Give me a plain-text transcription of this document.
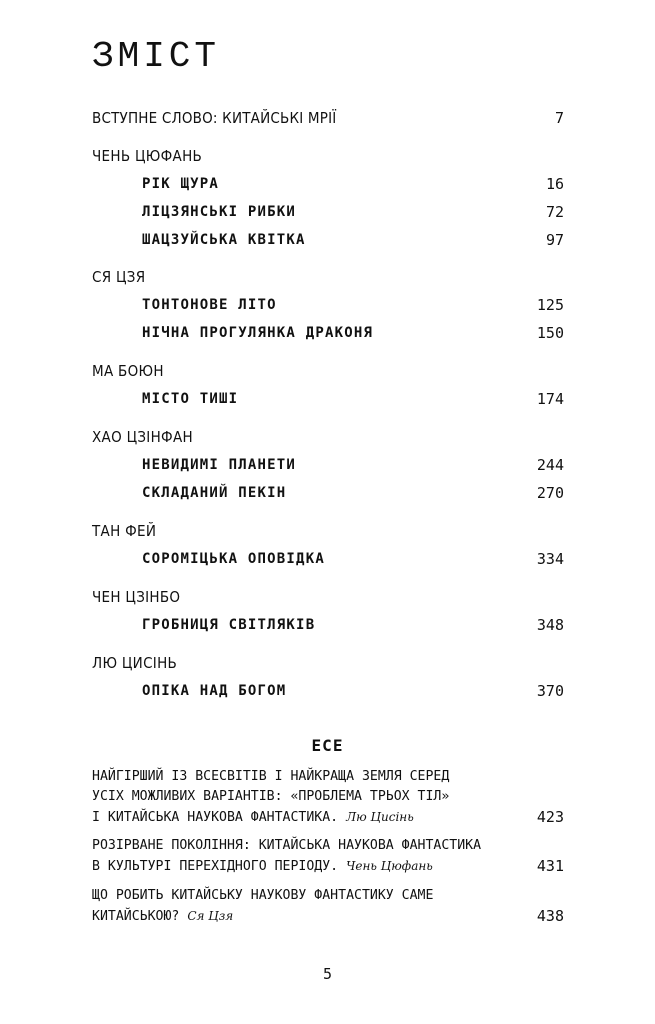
ЗМІСТ
ВСТУПНЕ СЛОВО: КИТАЙСЬКІ МРІЇ	7
ЧЕНЬ ЦЮФАНЬ
РІК ЩУРА	16
ЛІЦЗЯНСЬКІ РИБКИ	72
ШАЦЗУЙСЬКА КВІТКА	97
СЯ ЦЗЯ
ТОНТОНОВЕ ЛІТО	125
НІЧНА ПРОГУЛЯНКА ДРАКОНЯ	150
МА БОЮН
МІСТО ТИШІ	174
ХАО ЦЗІНФАН
НЕВИДИМІ ПЛАНЕТИ	244
СКЛАДАНИЙ ПЕКІН	270
ТАН ФЕЙ
СОРОМІЦЬКА ОПОВІДКА	334
ЧЕН ЦЗІНБО
ГРОБНИЦЯ СВІТЛЯКІВ	348
ЛЮ ЦИСІНЬ
ОПІКА НАД БОГОМ	370
ЕСЕ
НАЙГІРШИЙ ІЗ ВСЕСВІТІВ І НАЙКРАЩА ЗЕМЛЯ СЕРЕД
УСІХ МОЖЛИВИХ ВАРІАНТІВ: «ПРОБЛЕМА ТРЬОХ ТІЛ»
І КИТАЙСЬКА НАУКОВА ФАНТАСТИКА. Лю Цисінь	423
РОЗІРВАНЕ ПОКОЛІННЯ: КИТАЙСЬКА НАУКОВА ФАНТАСТИКА
В КУЛЬТУРІ ПЕРЕХІДНОГО ПЕРІОДУ. Чень Цюфань	431
ЩО РОБИТЬ КИТАЙСЬКУ НАУКОВУ ФАНТАСТИКУ САМЕ
КИТАЙСЬКОЮ? Ся Цзя	438
5
